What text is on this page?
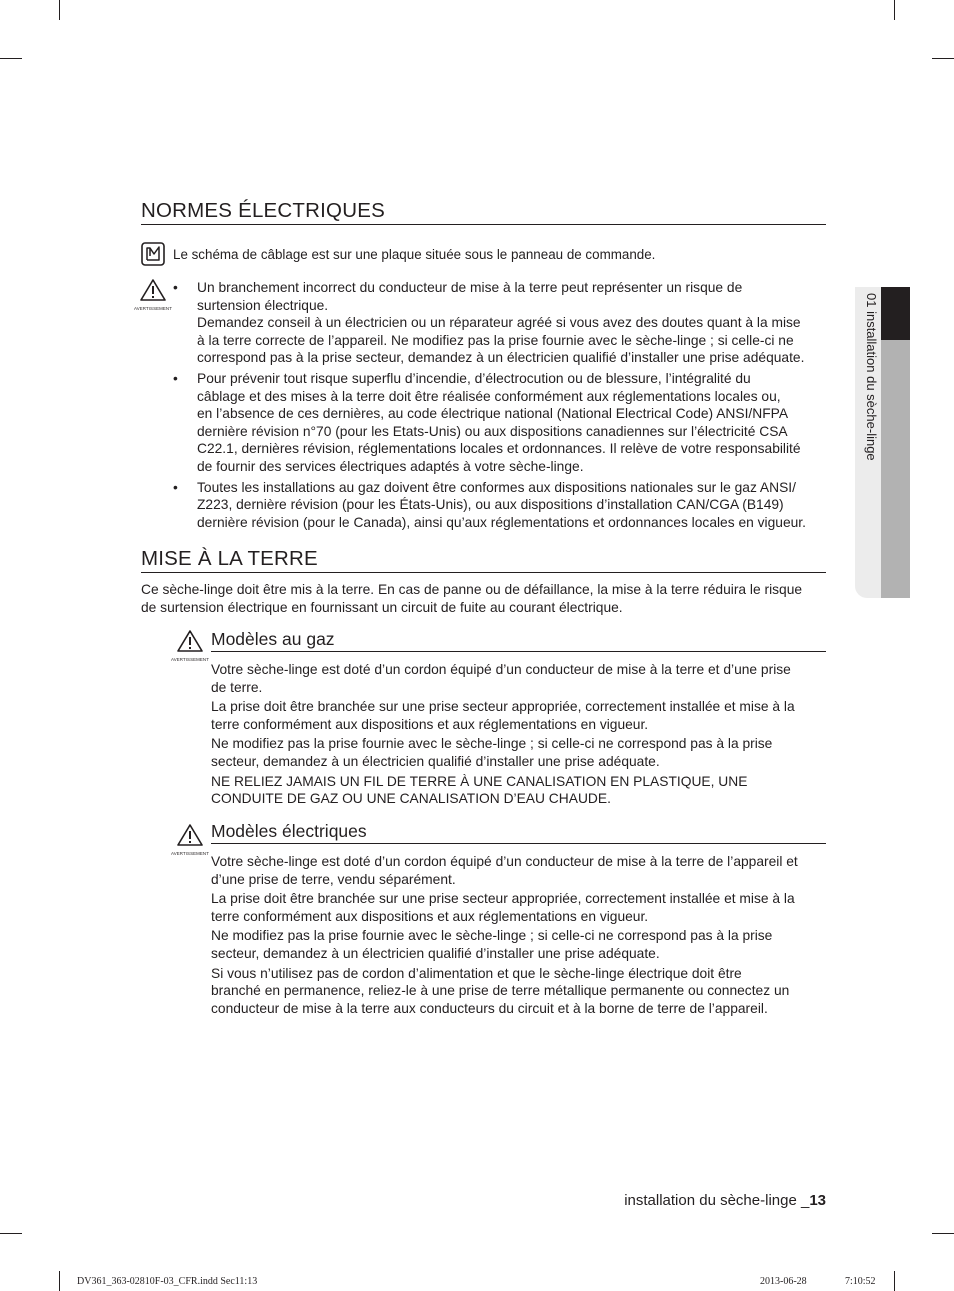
NORMES ÉLECTRIQUES

Le schéma de câblage est sur une plaque située sous le panneau de commande.

AVERTISSEMENT
• Un branchement incorrect du conducteur de mise à la terre peut représenter un risque de
surtension électrique.
Demandez conseil à un électricien ou un réparateur agréé si vous avez des doutes quant à la mise
à la terre correcte de l’appareil. Ne modifiez pas la prise fournie avec le sèche-linge ; si celle-ci ne
correspond pas à la prise secteur, demandez à un électricien qualifié d’installer une prise adéquate.
• Pour prévenir tout risque superflu d’incendie, d’électrocution ou de blessure, l’intégralité du
câblage et des mises à la terre doit être réalisée conformément aux réglementations locales ou,
en l’absence de ces dernières, au code électrique national (National Electrical Code) ANSI/NFPA
dernière révision n°70 (pour les Etats-Unis) ou aux dispositions canadiennes sur l’électricité CSA
C22.1, dernières révision, réglementations locales et ordonnances. Il relève de votre responsabilité
de fournir des services électriques adaptés à votre sèche-linge.
• Toutes les installations au gaz doivent être conformes aux dispositions nationales sur le gaz ANSI/
Z223, dernière révision (pour les États-Unis), ou aux dispositions d’installation CAN/CGA (B149)
dernière révision (pour le Canada), ainsi qu’aux réglementations et ordonnances locales en vigueur.
MISE À LA TERRE
Ce sèche-linge doit être mis à la terre. En cas de panne ou de défaillance, la mise à la terre réduira le risque
de surtension électrique en fournissant un circuit de fuite au courant électrique.
AVERTISSEMENT
Modèles au gaz
Votre sèche-linge est doté d’un cordon équipé d’un conducteur de mise à la terre et d’une prise
de terre.
La prise doit être branchée sur une prise secteur appropriée, correctement installée et mise à la
terre conformément aux dispositions et aux réglementations en vigueur.
Ne modifiez pas la prise fournie avec le sèche-linge ; si celle-ci ne correspond pas à la prise
secteur, demandez à un électricien qualifié d’installer une prise adéquate.
NE RELIEZ JAMAIS UN FIL DE TERRE À UNE CANALISATION EN PLASTIQUE, UNE
CONDUITE DE GAZ OU UNE CANALISATION D’EAU CHAUDE.
AVERTISSEMENT
Modèles électriques
Votre sèche-linge est doté d’un cordon équipé d’un conducteur de mise à la terre de l’appareil et
d’une prise de terre, vendu séparément.
La prise doit être branchée sur une prise secteur appropriée, correctement installée et mise à la
terre conformément aux dispositions et aux réglementations en vigueur.
Ne modifiez pas la prise fournie avec le sèche-linge ; si celle-ci ne correspond pas à la prise
secteur, demandez à un électricien qualifié d’installer une prise adéquate.
Si vous n’utilisez pas de cordon d’alimentation et que le sèche-linge électrique doit être
branché en permanence, reliez-le à une prise de terre métallique permanente ou connectez un
conducteur de mise à la terre aux conducteurs du circuit et à la borne de terre de l’appareil.
01 installation du sèche-linge
installation du sèche-linge _13
DV361_363-02810F-03_CFR.indd Sec11:13	2013-06-28	7:10:52
